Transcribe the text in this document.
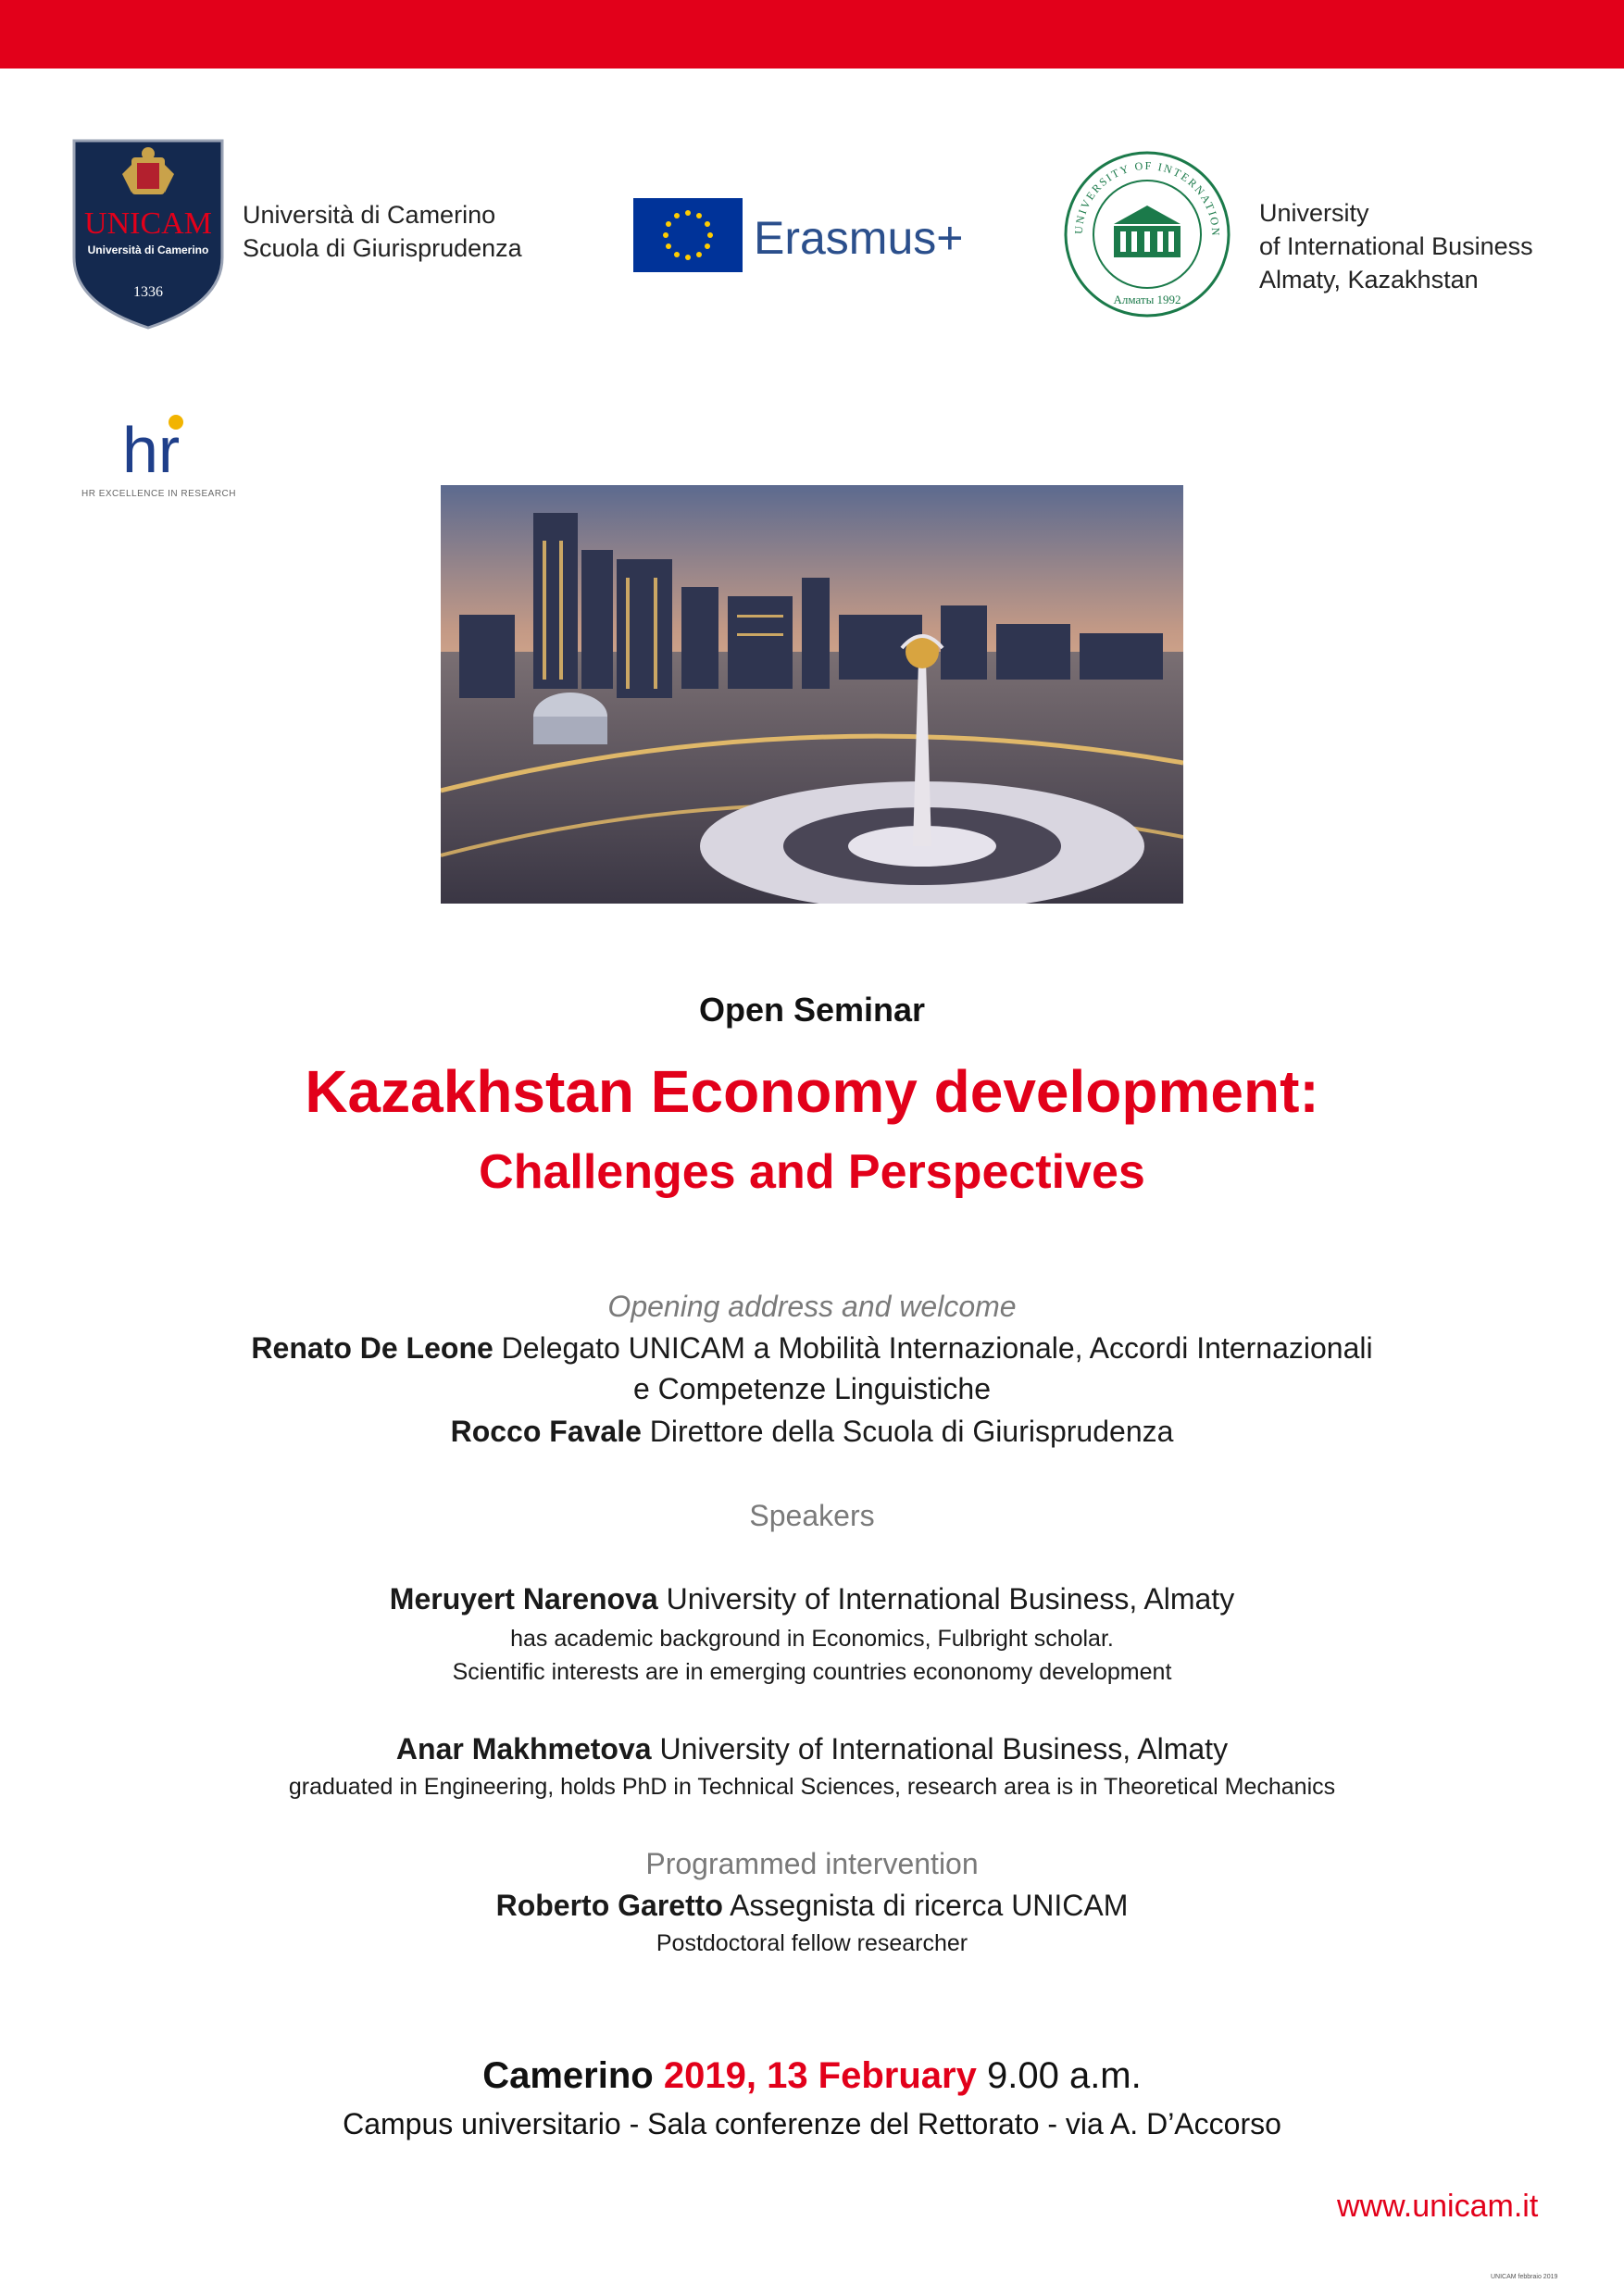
UNICAM
Università di Camerino
1336
Università di Camerino
Scuola di Giurisprudenza	Erasmus+	UNIVERSITY OF INTERNATION
Алматы 1992
University
of International Business
Almaty, Kazakhstan
hr
HR EXCELLENCE IN RESEARCH
Open Seminar
Kazakhstan Economy development:
Challenges and Perspectives
Opening address and welcome
Renato De Leone Delegato UNICAM a Mobilità Internazionale, Accordi Internazionali
e Competenze Linguistiche
Rocco Favale Direttore della Scuola di Giurisprudenza
Speakers
Meruyert Narenova University of International Business, Almaty
has academic background in Economics, Fulbright scholar.
Scientific interests are in emerging countries econonomy development
Anar Makhmetova University of International Business, Almaty
graduated in Engineering, holds PhD in Technical Sciences, research area is in Theoretical Mechanics
Programmed intervention
Roberto Garetto Assegnista di ricerca UNICAM
Postdoctoral fellow researcher
Camerino 2019, 13 February 9.00 a.m.
Campus universitario - Sala conferenze del Rettorato - via A. D’Accorso
www.unicam.it
UNICAM febbraio 2019
